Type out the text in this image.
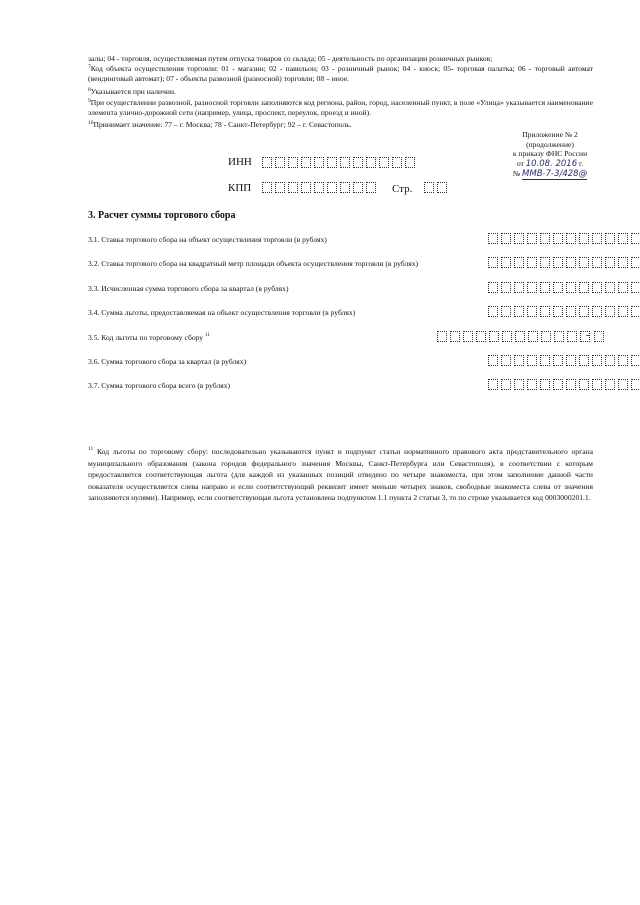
залы; 04 - торговля, осуществляемая путем отпуска товаров со склада; 05 - деятельность по организации розничных рынков;
$^7$Код объекта осуществления торговли: 01 - магазин; 02 - павильон; 03 - розничный рынок; 04 - киоск; 05- торговая палатка; 06 - торговый автомат (вендинговый автомат); 07 - объекты развозной (разносной) торговли; 08 – иное.
$^8$Указывается при наличии.
$^9$При осуществлении развозной, разносной торговли заполняются код региона, район, город, населенный пункт, в поле «Улица» указывается наименование элемента улично-дорожной сети (например, улица, проспект, переулок, проезд и иной).
$^{10}$Принимает значение: 77 – г. Москва; 78 - Санкт-Петербург; 92 – г. Севастополь.
Приложение № 2
(продолжение)
к приказу ФНС России
от 10.08. 2016 г.
№ ММВ-7-3/428@
ИНН
КПП	Стр.
3. Расчет суммы торгового сбора
3.1. Ставка торгового сбора на объект осуществления торговли (в рублях)
3.2. Ставка торгового сбора на квадратный метр площади объекта осуществления торговли (в рублях)
3.3. Исчисленная сумма торгового сбора за квартал (в рублях)
3.4. Сумма льготы, предоставляемая на объект осуществления торговли (в рублях)
3.5. Код льготы по торговому сбору $^{11}$	-
3.6. Сумма торгового сбора за квартал (в рублях)
3.7. Сумма торгового сбора всего (в рублях)
$^{11}$ Код льготы по торговому сбору: последовательно указываются пункт и подпункт статьи нормативного правового акта представительного органа муниципального образования (закона городов федерального значения Москвы, Санкт-Петербурга или Севастополя), в соответствии с которым предоставляется соответствующая льгота (для каждой из указанных позиций отведено по четыре знакоместа, при этом заполнение данной части показателя осуществляется слева направо и если соответствующий реквизит имеет меньше четырех знаков, свободные знакоместа слева от значения заполняются нулями). Например, если соответствующая льгота установлена подпунктом 1.1 пункта 2 статьи 3, то по строке указывается код 0003000201.1.
